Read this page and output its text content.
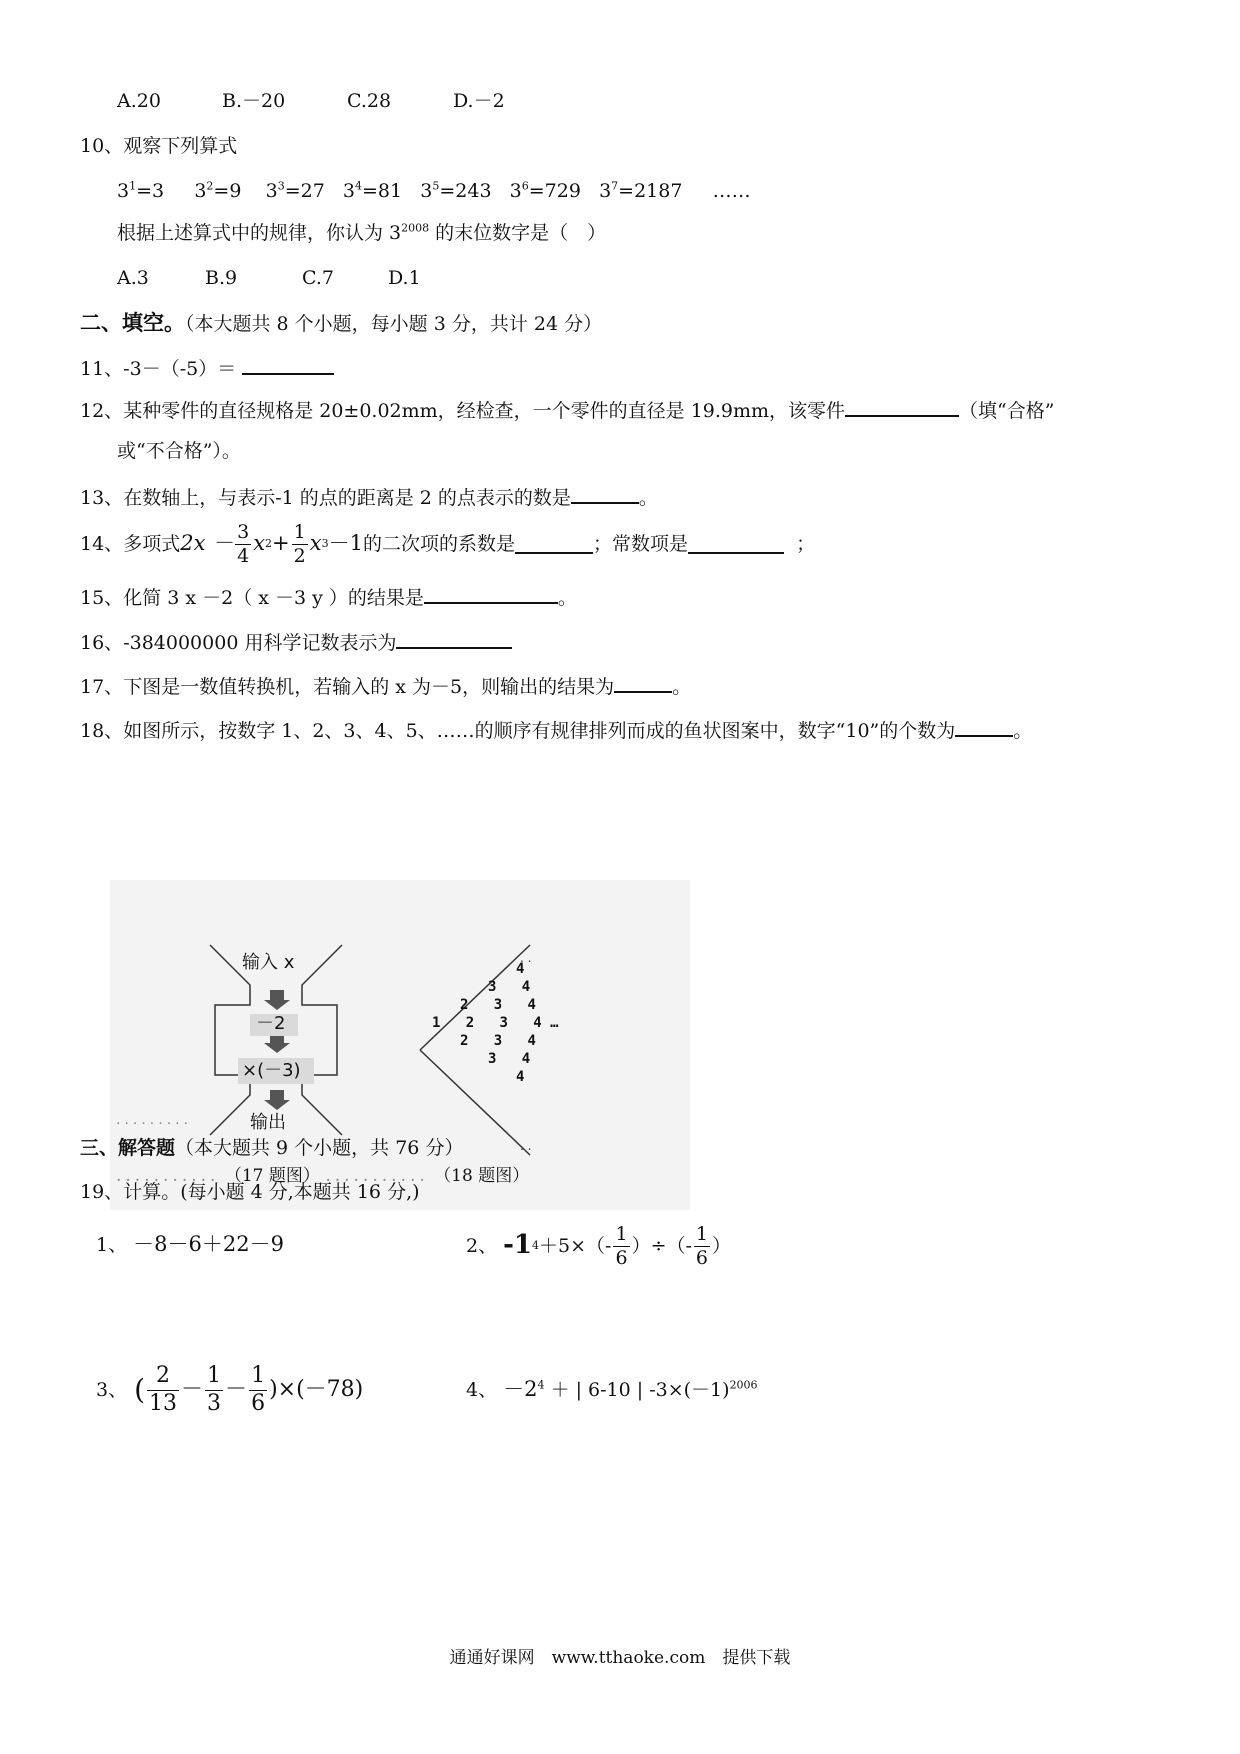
A.20	B.－20	C.28	D.－2
10、观察下列算式
$3^1=3$ $3^2=9$ $3^3=27$ $3^4=81$ $3^5=243$ $3^6=729$ $3^7=2187$ ……
根据上述算式中的规律，你认为 $3^{2008}$ 的末位数字是（　）
A.3	B.9	C.7	D.1
二、填空。（本大题共 8 个小题，每小题 3 分，共计 24 分）
11、-3－（-5）＝
12、某种零件的直径规格是 20±0.02mm，经检查，一个零件的直径是 19.9mm，该零件	（填“合格”
或“不合格”）。
13、在数轴上，与表示-1 的点的距离是 2 的点表示的数是	。
14、 多项式 $2x - \frac{3}{4}$ x $2 + \frac{1}{2}$ x 3 －1 的二次项的系数是	；常数项是
	；
15、化简 3 x －2（ x －3 y ）的结果是	。
16、-384000000 用科学记数表示为
17、下图是一数值转换机，若输入的 x 为－5，则输出的结果为	。
18、如图所示，按数字 1、2、3、4、5、……的顺序有规律排列而成的鱼状图案中，数字“10”的个数为	。
. .
. .
输入 x
－2
×(－3)
输出
.........
4
3 4
2 3 4
1 2 3 4 …
2 3 4
3 4
4
........... （17 题图） ........... （18 题图）
三、解答题（本大题共 9 个小题，共 76 分）
19、计算。(每小题 4 分,本题共 16 分,)
1、 －8－6＋22－9	2、
-1 $4 +5\times(- \frac{1}{6}$ ）÷（- $\frac{1}{6}$ ）
3、
( $\frac{2}{13} - \frac{1}{3} - \frac{1}{6} )\times(-78)$	4、 $-2^4$ ＋ | 6-10 | $-3\times(-1)^{2006}$
通通好课网　www.tthaoke.com　提供下载
